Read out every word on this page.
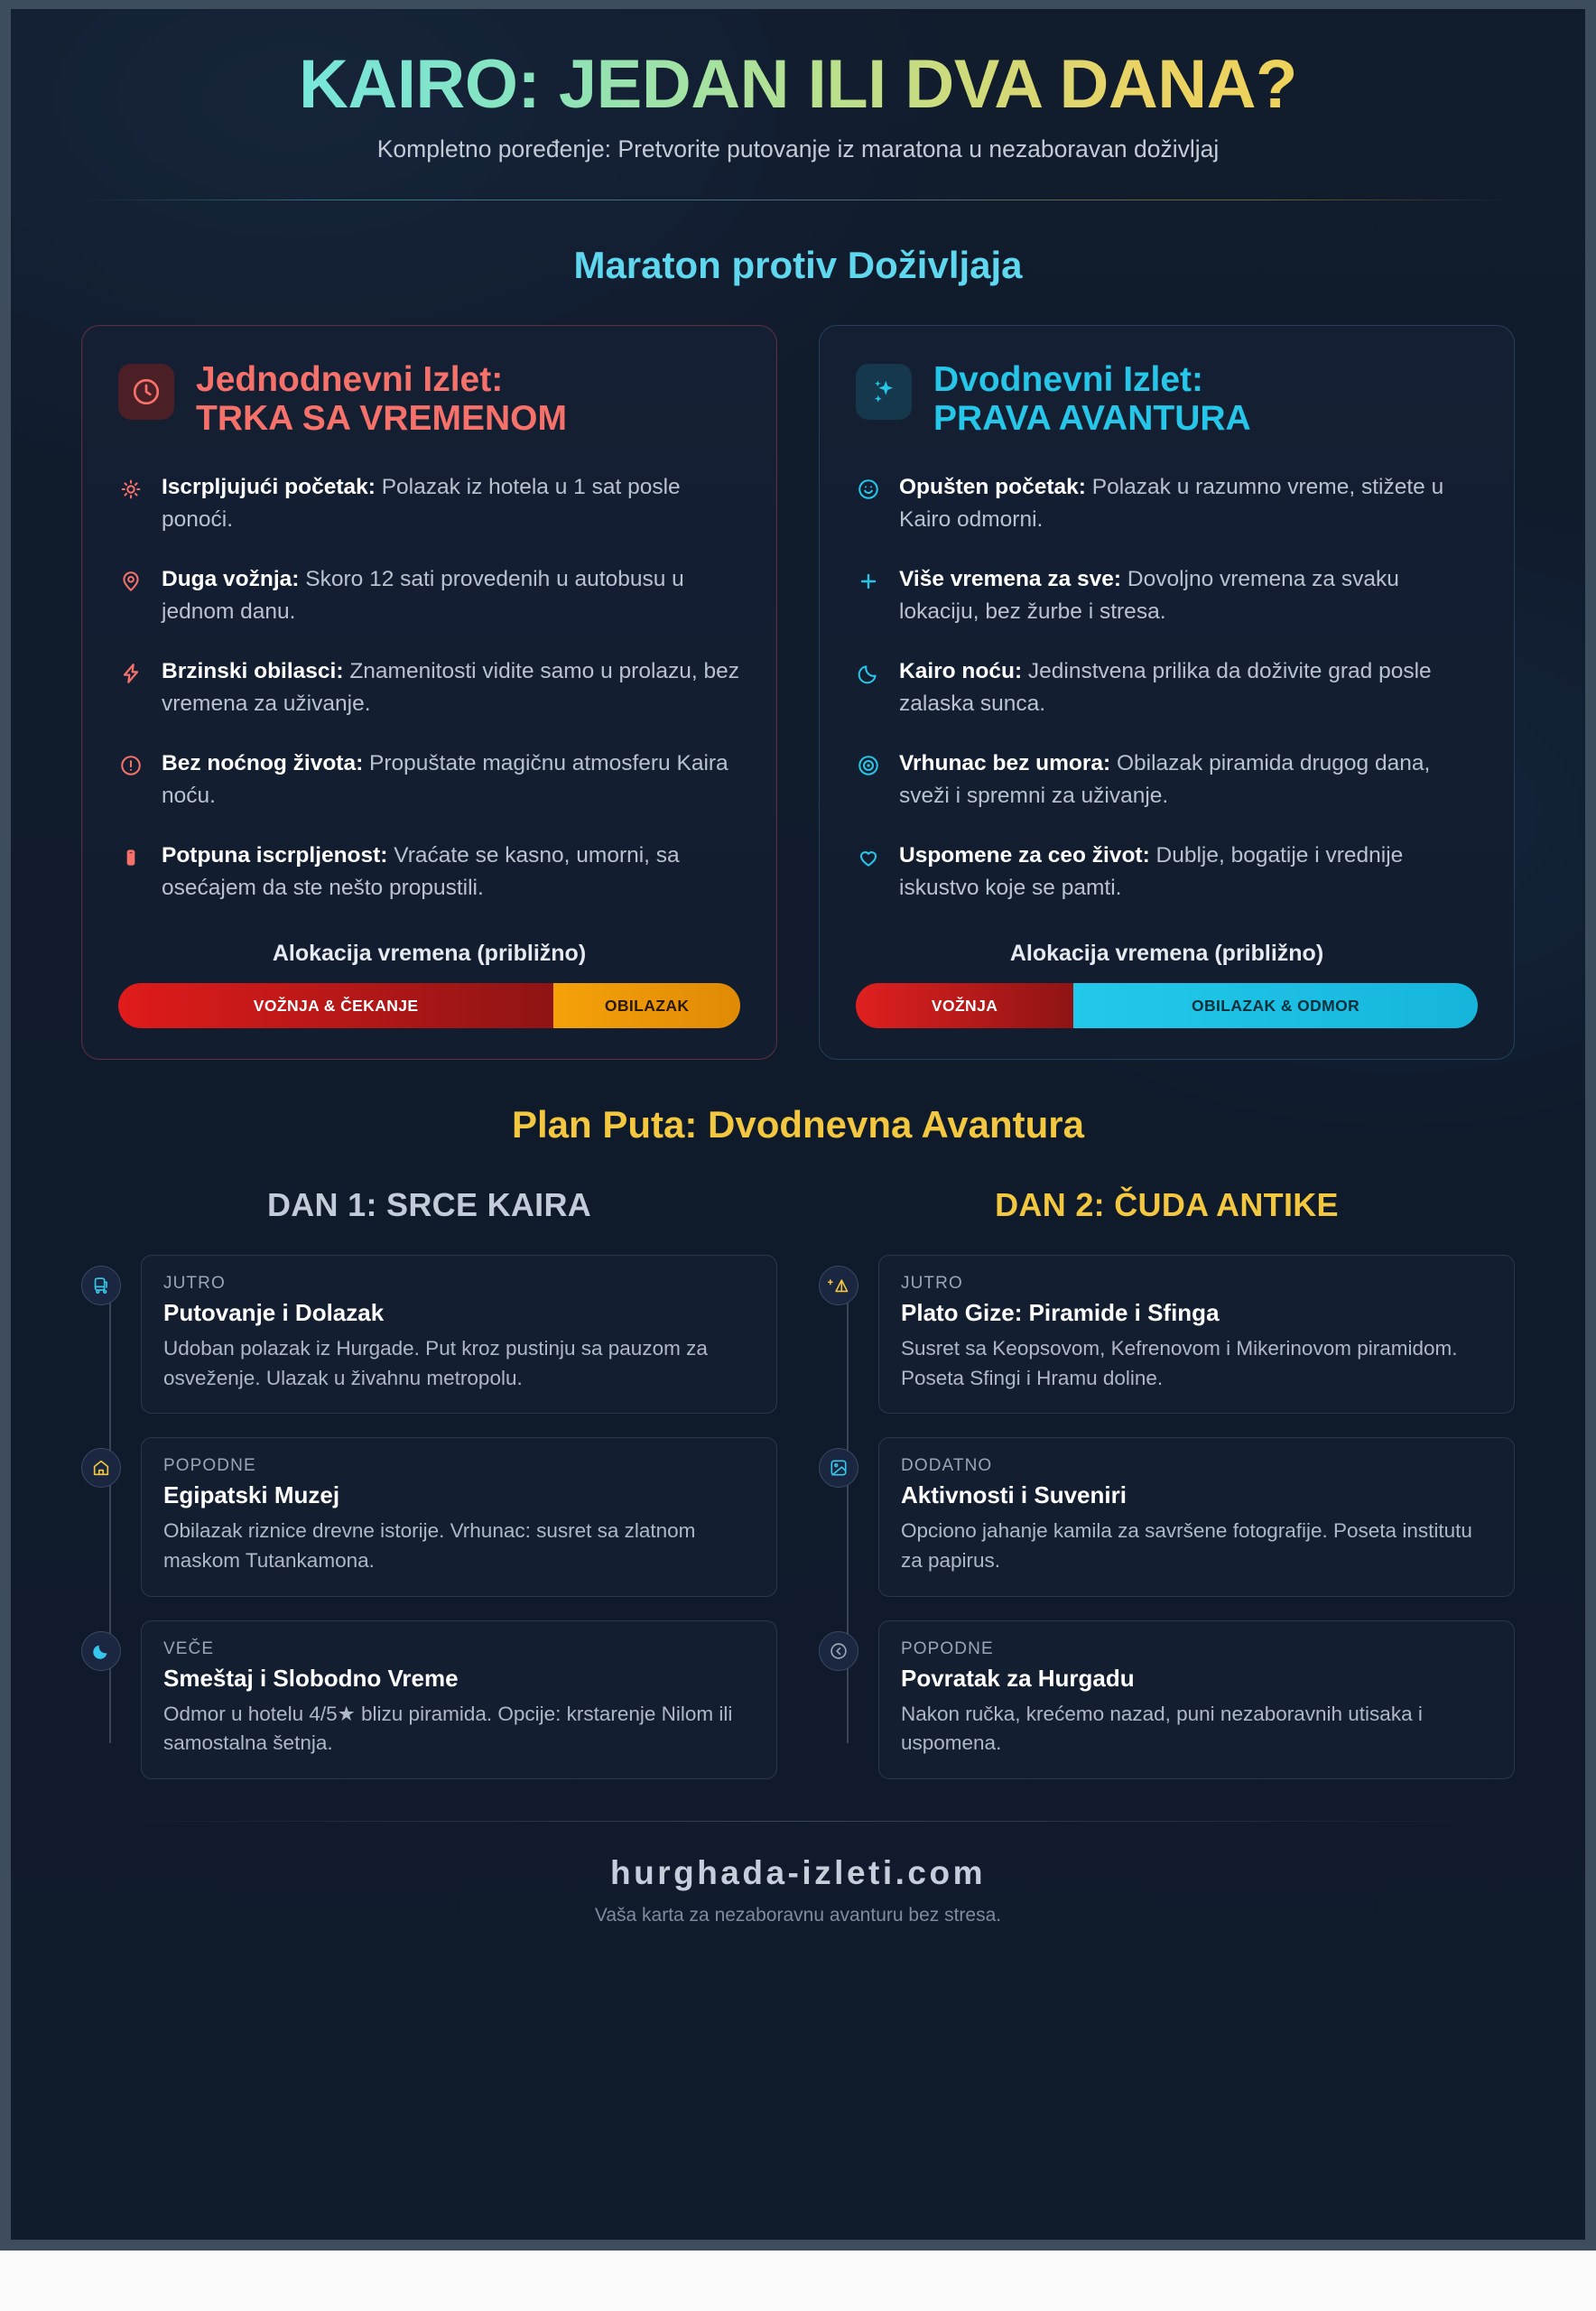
KAIRO: JEDAN ILI DVA DANA?
Kompletno poređenje: Pretvorite putovanje iz maratona u nezaboravan doživljaj
Maraton protiv Doživljaja
Jednodnevni Izlet:
TRKA SA VREMENOM
Iscrpljujući početak: Polazak iz hotela u 1 sat posle ponoći.
Duga vožnja: Skoro 12 sati provedenih u autobusu u jednom danu.
Brzinski obilasci: Znamenitosti vidite samo u prolazu, bez vremena za uživanje.
Bez noćnog života: Propuštate magičnu atmosferu Kaira noću.
Potpuna iscrpljenost: Vraćate se kasno, umorni, sa osećajem da ste nešto propustili.
Alokacija vremena (približno)
VOŽNJA & ČEKANJE	OBILAZAK
Dvodnevni Izlet:
PRAVA AVANTURA
Opušten početak: Polazak u razumno vreme, stižete u Kairo odmorni.
Više vremena za sve: Dovoljno vremena za svaku lokaciju, bez žurbe i stresa.
Kairo noću: Jedinstvena prilika da doživite grad posle zalaska sunca.
Vrhunac bez umora: Obilazak piramida drugog dana, sveži i spremni za uživanje.
Uspomene za ceo život: Dublje, bogatije i vrednije iskustvo koje se pamti.
Alokacija vremena (približno)
VOŽNJA	OBILAZAK & ODMOR
Plan Puta: Dvodnevna Avantura
DAN 1: SRCE KAIRA	DAN 2: ČUDA ANTIKE
JUTRO
Putovanje i Dolazak
Udoban polazak iz Hurgade. Put kroz pustinju sa pauzom za osveženje. Ulazak u živahnu metropolu.
POPODNE
Egipatski Muzej
Obilazak riznice drevne istorije. Vrhunac: susret sa zlatnom maskom Tutankamona.
VEČE
Smeštaj i Slobodno Vreme
Odmor u hotelu 4/5★ blizu piramida. Opcije: krstarenje Nilom ili samostalna šetnja.
JUTRO
Plato Gize: Piramide i Sfinga
Susret sa Keopsovom, Kefrenovom i Mikerinovom piramidom. Poseta Sfingi i Hramu doline.
DODATNO
Aktivnosti i Suveniri
Opciono jahanje kamila za savršene fotografije. Poseta institutu za papirus.
POPODNE
Povratak za Hurgadu
Nakon ručka, krećemo nazad, puni nezaboravnih utisaka i uspomena.
hurghada-izleti.com
Vaša karta za nezaboravnu avanturu bez stresa.
